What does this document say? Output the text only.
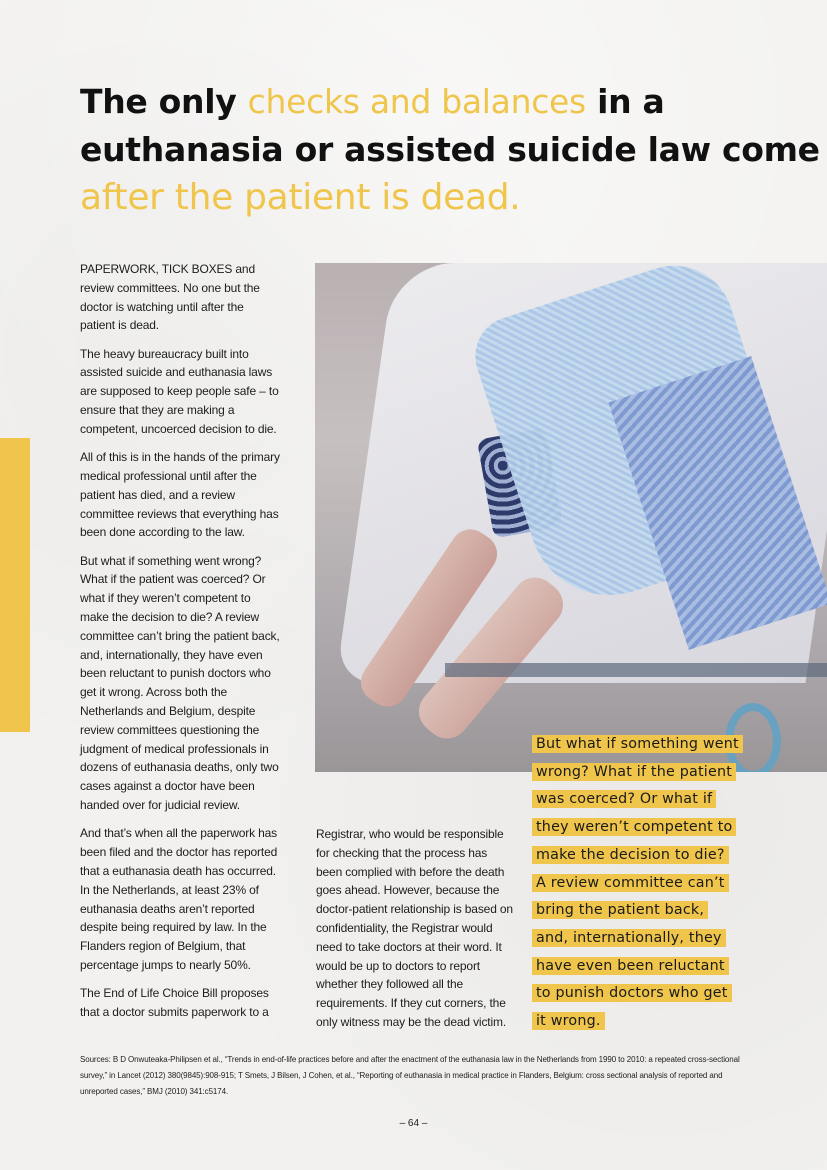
The only checks and balances in a
euthanasia or assisted suicide law come
after the patient is dead.

PAPERWORK, TICK BOXES and review committees. No one but the doctor is watching until after the patient is dead.

The heavy bureaucracy built into assisted suicide and euthanasia laws are supposed to keep people safe – to ensure that they are making a competent, uncoerced decision to die.

All of this is in the hands of the primary medical professional until after the patient has died, and a review committee reviews that everything has been done according to the law.

But what if something went wrong? What if the patient was coerced? Or what if they weren’t competent to make the decision to die? A review committee can’t bring the patient back, and, internationally, they have even been reluctant to punish doctors who get it wrong. Across both the Netherlands and Belgium, despite review committees questioning the judgment of medical professionals in dozens of euthanasia deaths, only two cases against a doctor have been handed over for judicial review.

And that’s when all the paperwork has been filed and the doctor has reported that a euthanasia death has occurred. In the Netherlands, at least 23% of euthanasia deaths aren’t reported despite being required by law. In the Flanders region of Belgium, that percentage jumps to nearly 50%.

The End of Life Choice Bill proposes that a doctor submits paperwork to a

Registrar, who would be responsible for checking that the process has been complied with before the death goes ahead. However, because the doctor-patient relationship is based on confidentiality, the Registrar would need to take doctors at their word. It would be up to doctors to report whether they followed all the requirements. If they cut corners, the only witness may be the dead victim.

But what if something went
wrong? What if the patient
was coerced? Or what if
they weren’t competent to
make the decision to die?
A review committee can’t
bring the patient back,
and, internationally, they
have even been reluctant
to punish doctors who get
it wrong.
Sources: B D Onwuteaka-Philipsen et al., “Trends in end-of-life practices before and after the enactment of the euthanasia law in the Netherlands from 1990 to 2010: a repeated cross-sectional survey,” in Lancet (2012) 380(9845):908-915; T Smets, J Bilsen, J Cohen, et al., “Reporting of euthanasia in medical practice in Flanders, Belgium: cross sectional analysis of reported and unreported cases,” BMJ (2010) 341:c5174.
– 64 –
